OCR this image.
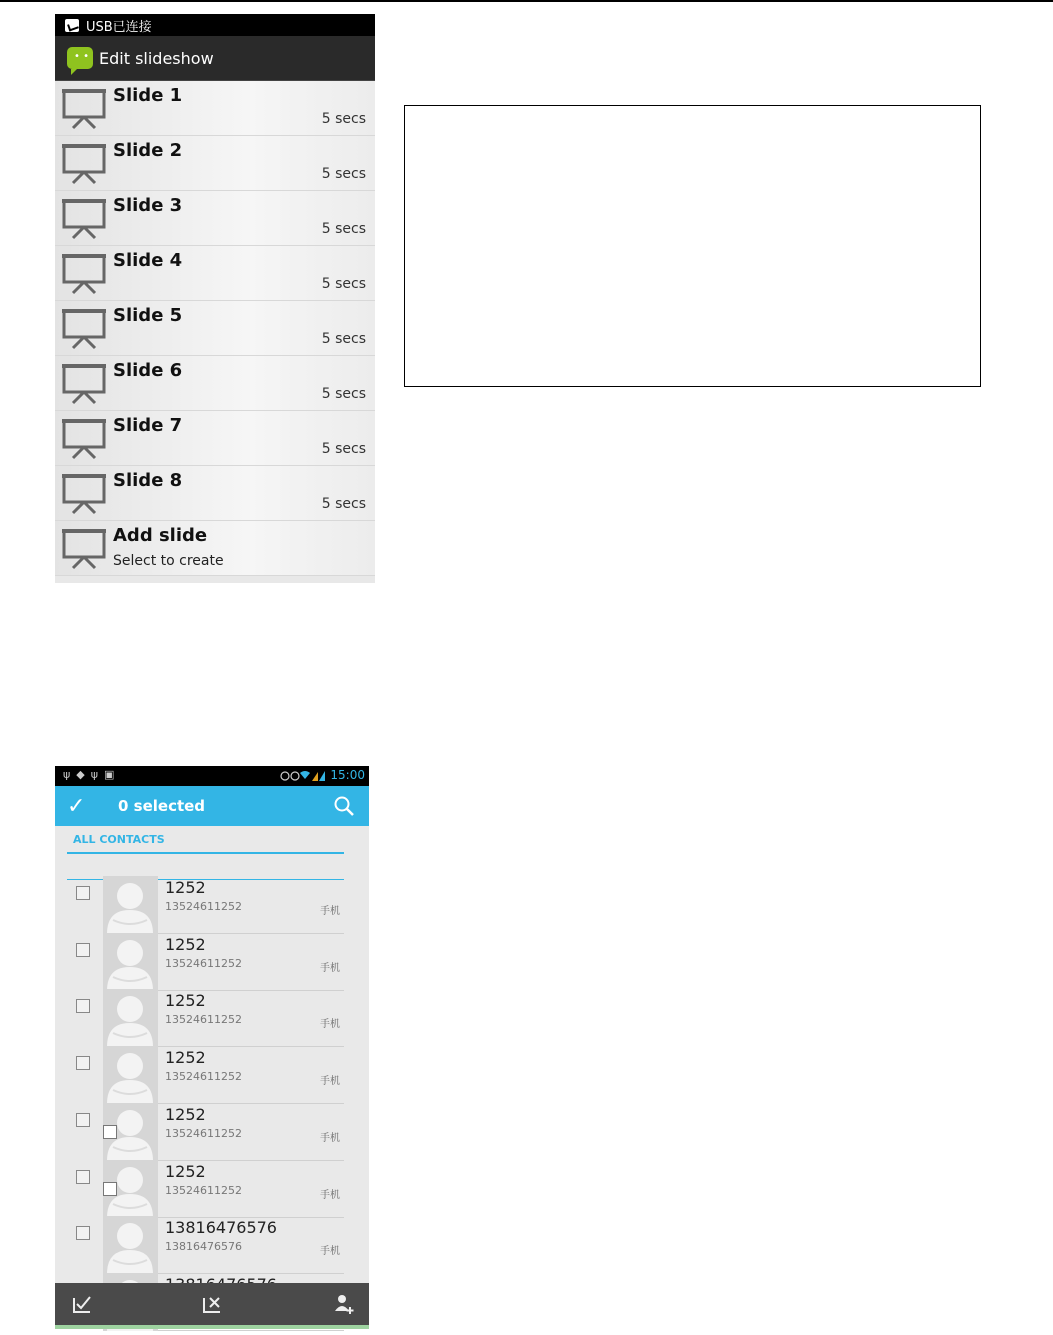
USB已连接
• • Edit slideshow
Slide 1
5 secs
Slide 2
5 secs
Slide 3
5 secs
Slide 4
5 secs
Slide 5
5 secs
Slide 6
5 secs
Slide 7
5 secs
Slide 8
5 secs
Add slide
Select to create
ψ◆ψ▣	15:00
✓ 0 selected
ALL CONTACTS
1252
13524611252	手机
1252
13524611252	手机
1252
13524611252	手机
1252
13524611252	手机
1252
13524611252	手机
1252
13524611252	手机
13816476576
13816476576	手机
